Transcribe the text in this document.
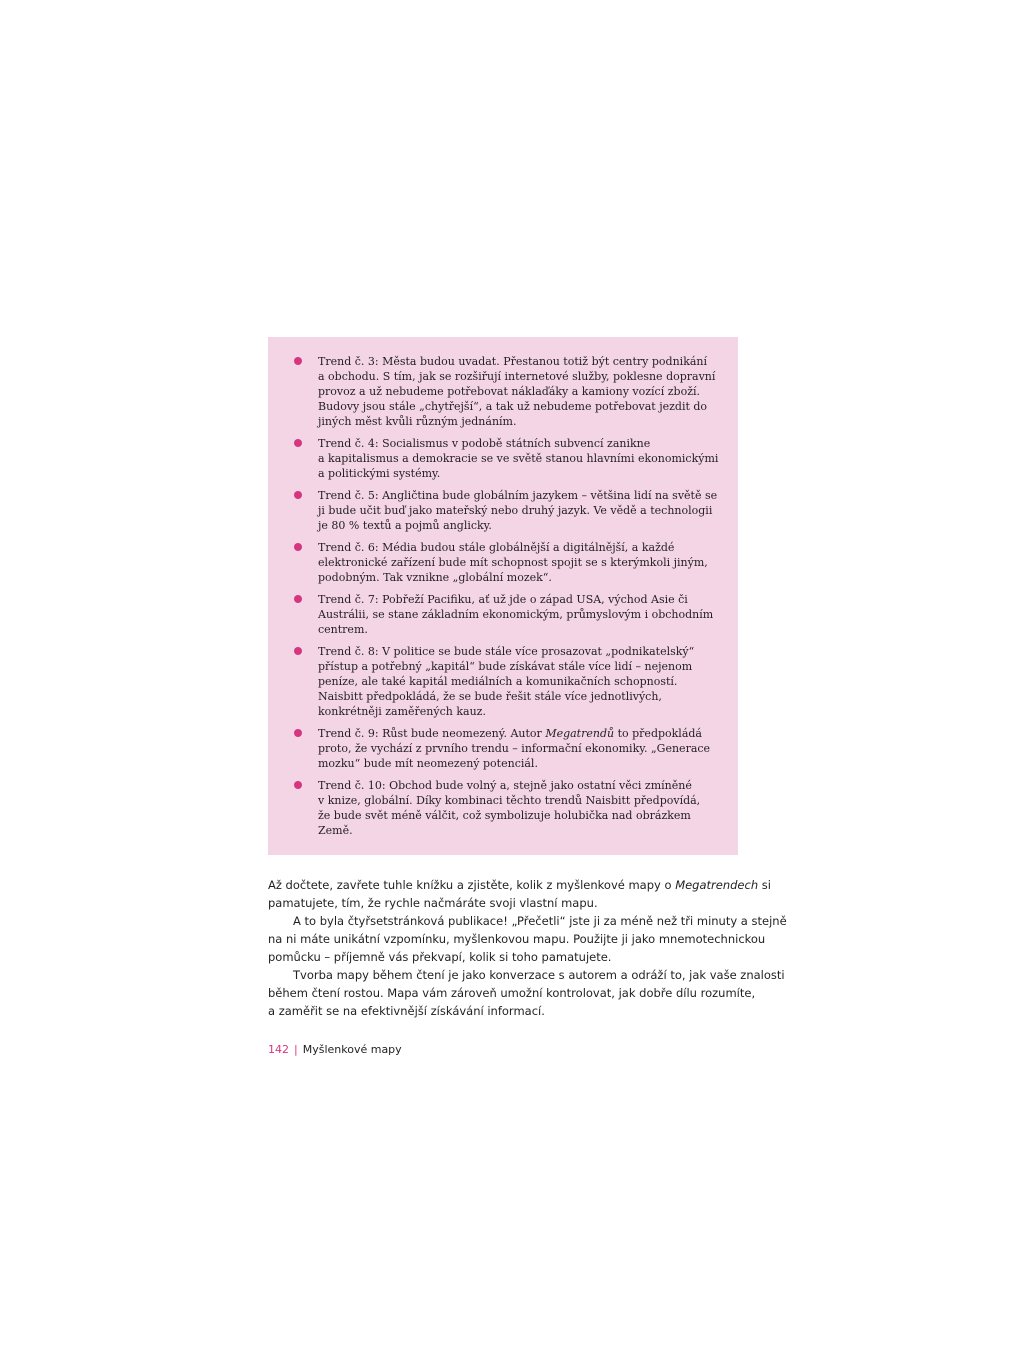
Trend č. 3: Města budou uvadat. Přestanou totiž být centry podnikání
a obchodu. S tím, jak se rozšiřují internetové služby, poklesne dopravní
provoz a už nebudeme potřebovat náklaďáky a kamiony vozící zboží.
Budovy jsou stále „chytřejší“, a tak už nebudeme potřebovat jezdit do
jiných měst kvůli různým jednáním.
Trend č. 4: Socialismus v podobě státních subvencí zanikne
a kapitalismus a demokracie se ve světě stanou hlavními ekonomickými
a politickými systémy.
Trend č. 5: Angličtina bude globálním jazykem – většina lidí na světě se
ji bude učit buď jako mateřský nebo druhý jazyk. Ve vědě a technologii
je 80 % textů a pojmů anglicky.
Trend č. 6: Média budou stále globálnější a digitálnější, a každé
elektronické zařízení bude mít schopnost spojit se s kterýmkoli jiným,
podobným. Tak vznikne „globální mozek“.
Trend č. 7: Pobřeží Pacifiku, ať už jde o západ USA, východ Asie či
Austrálii, se stane základním ekonomickým, průmyslovým i obchodním
centrem.
Trend č. 8: V politice se bude stále více prosazovat „podnikatelský“
přístup a potřebný „kapitál“ bude získávat stále více lidí – nejenom
peníze, ale také kapitál mediálních a komunikačních schopností.
Naisbitt předpokládá, že se bude řešit stále více jednotlivých,
konkrétněji zaměřených kauz.
Trend č. 9: Růst bude neomezený. Autor Megatrendů to předpokládá
proto, že vychází z prvního trendu – informační ekonomiky. „Generace
mozku“ bude mít neomezený potenciál.
Trend č. 10: Obchod bude volný a, stejně jako ostatní věci zmíněné
v knize, globální. Díky kombinaci těchto trendů Naisbitt předpovídá,
že bude svět méně válčit, což symbolizuje holubička nad obrázkem
Země.

Až dočtete, zavřete tuhle knížku a zjistěte, kolik z myšlenkové mapy o Megatrendech si
pamatujete, tím, že rychle načmáráte svoji vlastní mapu.

A to byla čtyřsetstránková publikace! „Přečetli“ jste ji za méně než tři minuty a stejně
na ni máte unikátní vzpomínku, myšlenkovou mapu. Použijte ji jako mnemotechnickou
pomůcku – příjemně vás překvapí, kolik si toho pamatujete.

Tvorba mapy během čtení je jako konverzace s autorem a odráží to, jak vaše znalosti
během čtení rostou. Mapa vám zároveň umožní kontrolovat, jak dobře dílu rozumíte,
a zaměřit se na efektivnější získávání informací.

142 | Myšlenkové mapy
